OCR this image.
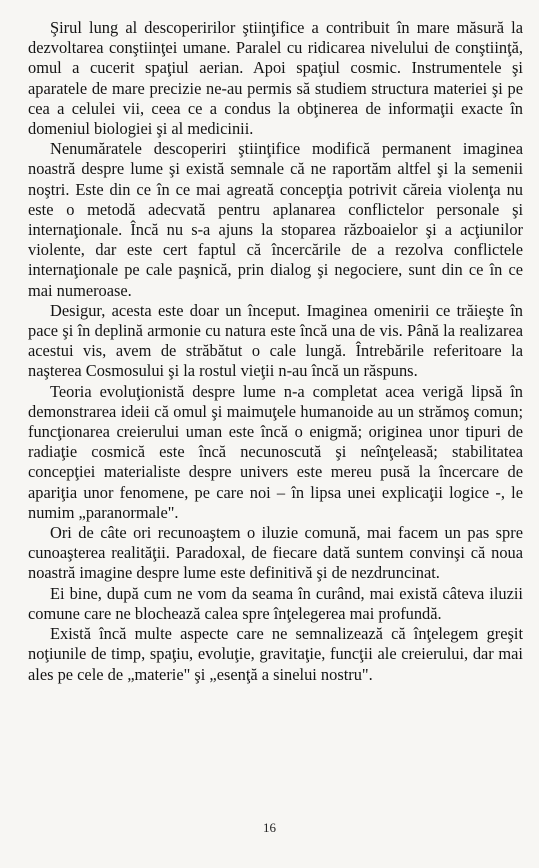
Şirul lung al descoperirilor ştiinţifice a contribuit în mare măsură la dezvoltarea conştiinţei umane. Paralel cu ridicarea nivelului de conştiinţă, omul a cucerit spaţiul aerian. Apoi spaţiul cosmic. Instrumentele şi aparatele de mare precizie ne-au permis să studiem structura materiei şi pe cea a celulei vii, ceea ce a condus la obţinerea de informaţii exacte în domeniul biologiei şi al medicinii.

Nenumăratele descoperiri ştiinţifice modifică permanent imaginea noastră despre lume şi există semnale că ne raportăm altfel şi la semenii noştri. Este din ce în ce mai agreată concepţia potrivit căreia violenţa nu este o metodă adecvată pentru aplanarea conflictelor personale şi internaţionale. Încă nu s-a ajuns la stoparea războaielor şi a acţiunilor violente, dar este cert faptul că încercările de a rezolva conflictele internaţionale pe cale paşnică, prin dialog şi negociere, sunt din ce în ce mai numeroase.

Desigur, acesta este doar un început. Imaginea omenirii ce trăieşte în pace şi în deplină armonie cu natura este încă una de vis. Până la realizarea acestui vis, avem de străbătut o cale lungă. Întrebările referitoare la naşterea Cosmosului şi la rostul vieţii n-au încă un răspuns.

Teoria evoluţionistă despre lume n-a completat acea verigă lipsă în demonstrarea ideii că omul şi maimuţele humanoide au un strămoş comun; funcţionarea creierului uman este încă o enigmă; originea unor tipuri de radiaţie cosmică este încă necunoscută şi neînţeleasă; stabilitatea concepţiei materialiste despre univers este mereu pusă la încercare de apariţia unor fenomene, pe care noi – în lipsa unei explicaţii logice -, le numim „paranormale".

Ori de câte ori recunoaştem o iluzie comună, mai facem un pas spre cunoaşterea realităţii. Paradoxal, de fiecare dată suntem convinşi că noua noastră imagine despre lume este definitivă şi de nezdruncinat.

Ei bine, după cum ne vom da seama în curând, mai există câteva iluzii comune care ne blochează calea spre înţelegerea mai profundă.

Există încă multe aspecte care ne semnalizează că înţelegem greşit noţiunile de timp, spaţiu, evoluţie, gravitaţie, funcţii ale creierului, dar mai ales pe cele de „materie" şi „esenţă a sinelui nostru".

16
